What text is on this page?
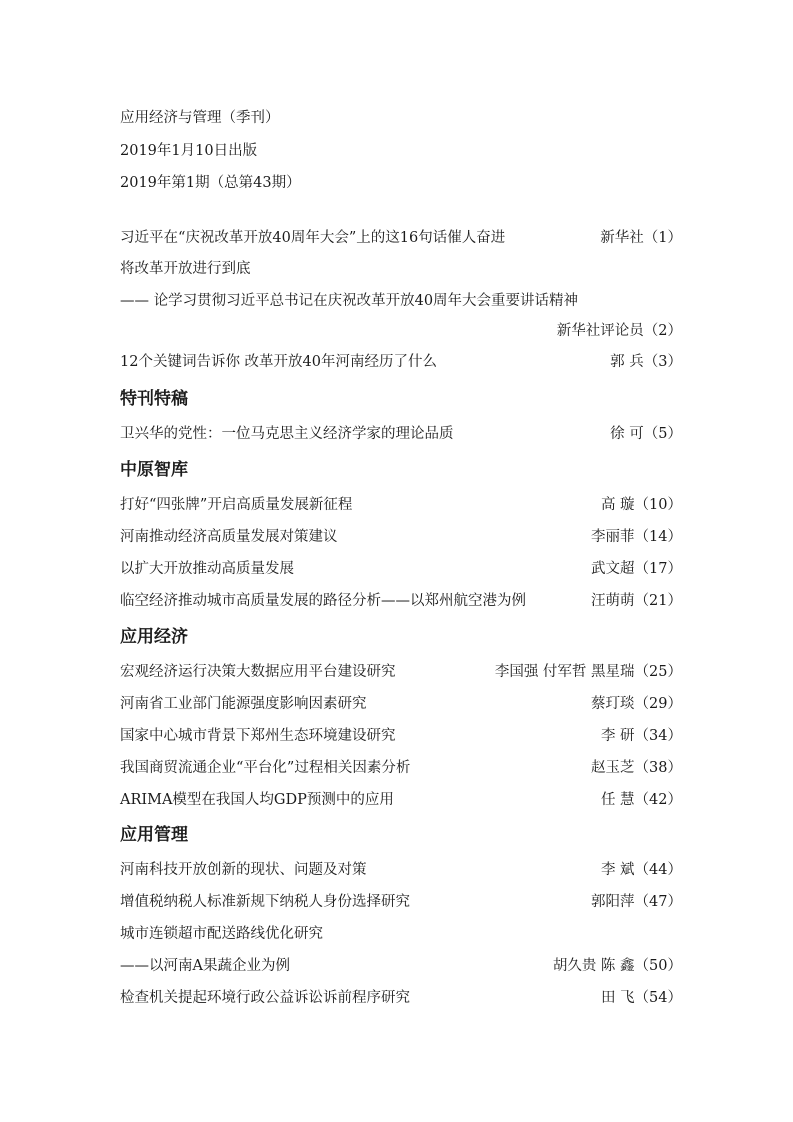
应用经济与管理（季刊）
2019年1月10日出版
2019年第1期（总第43期）
习近平在“庆祝改革开放40周年大会”上的这16句话催人奋进	新华社（1）
将改革开放进行到底
—— 论学习贯彻习近平总书记在庆祝改革开放40周年大会重要讲话精神
新华社评论员（2）
12个关键词告诉你 改革开放40年河南经历了什么	郭 兵（3）
特刊特稿
卫兴华的党性：一位马克思主义经济学家的理论品质	徐 可（5）
中原智库
打好“四张牌”开启高质量发展新征程	高 璇（10）
河南推动经济高质量发展对策建议	李丽菲（14）
以扩大开放推动高质量发展	武文超（17）
临空经济推动城市高质量发展的路径分析——以郑州航空港为例	汪萌萌（21）
应用经济
宏观经济运行决策大数据应用平台建设研究	李国强 付军哲 黑星瑞（25）
河南省工业部门能源强度影响因素研究	蔡玎琰（29）
国家中心城市背景下郑州生态环境建设研究	李 研（34）
我国商贸流通企业“平台化”过程相关因素分析	赵玉芝（38）
ARIMA模型在我国人均GDP预测中的应用	任 慧（42）
应用管理
河南科技开放创新的现状、问题及对策	李 斌（44）
增值税纳税人标准新规下纳税人身份选择研究	郭阳萍（47）
城市连锁超市配送路线优化研究
——以河南A果蔬企业为例	胡久贵 陈 鑫（50）
检查机关提起环境行政公益诉讼诉前程序研究	田 飞（54）
